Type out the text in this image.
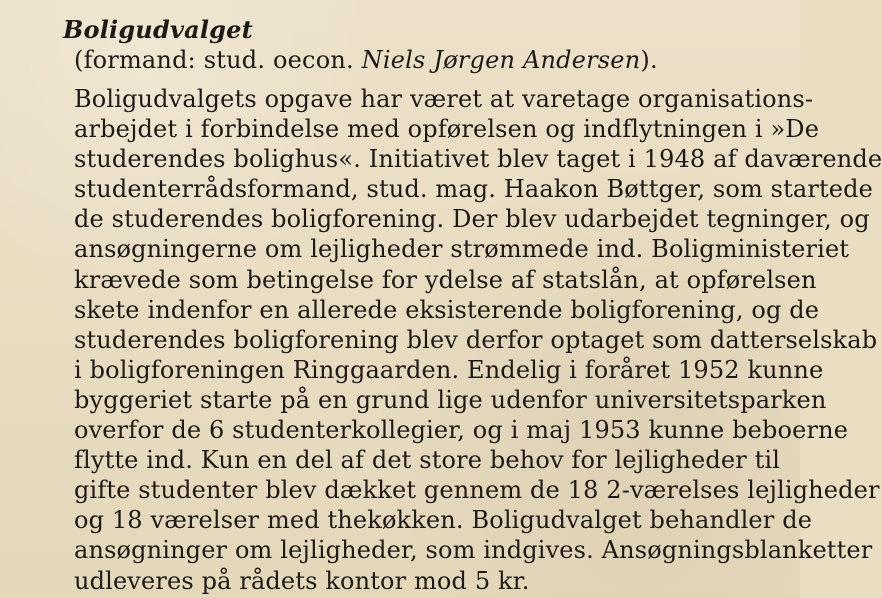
Boligudvalget
(formand: stud. oecon. Niels Jørgen Andersen).
Boligudvalgets opgave har været at varetage organisations-
arbejdet i forbindelse med opførelsen og indflytningen i »De
studerendes bolighus«. Initiativet blev taget i 1948 af daværende
studenterrådsformand, stud. mag. Haakon Bøttger, som startede
de studerendes boligforening. Der blev udarbejdet tegninger, og
ansøgningerne om lejligheder strømmede ind. Boligministeriet
krævede som betingelse for ydelse af statslån, at opførelsen
skete indenfor en allerede eksisterende boligforening, og de
studerendes boligforening blev derfor optaget som datterselskab
i boligforeningen Ringgaarden. Endelig i foråret 1952 kunne
byggeriet starte på en grund lige udenfor universitetsparken
overfor de 6 studenterkollegier, og i maj 1953 kunne beboerne
flytte ind. Kun en del af det store behov for lejligheder til
gifte studenter blev dækket gennem de 18 2-værelses lejligheder
og 18 værelser med thekøkken. Boligudvalget behandler de
ansøgninger om lejligheder, som indgives. Ansøgningsblanketter
udleveres på rådets kontor mod 5 kr.
